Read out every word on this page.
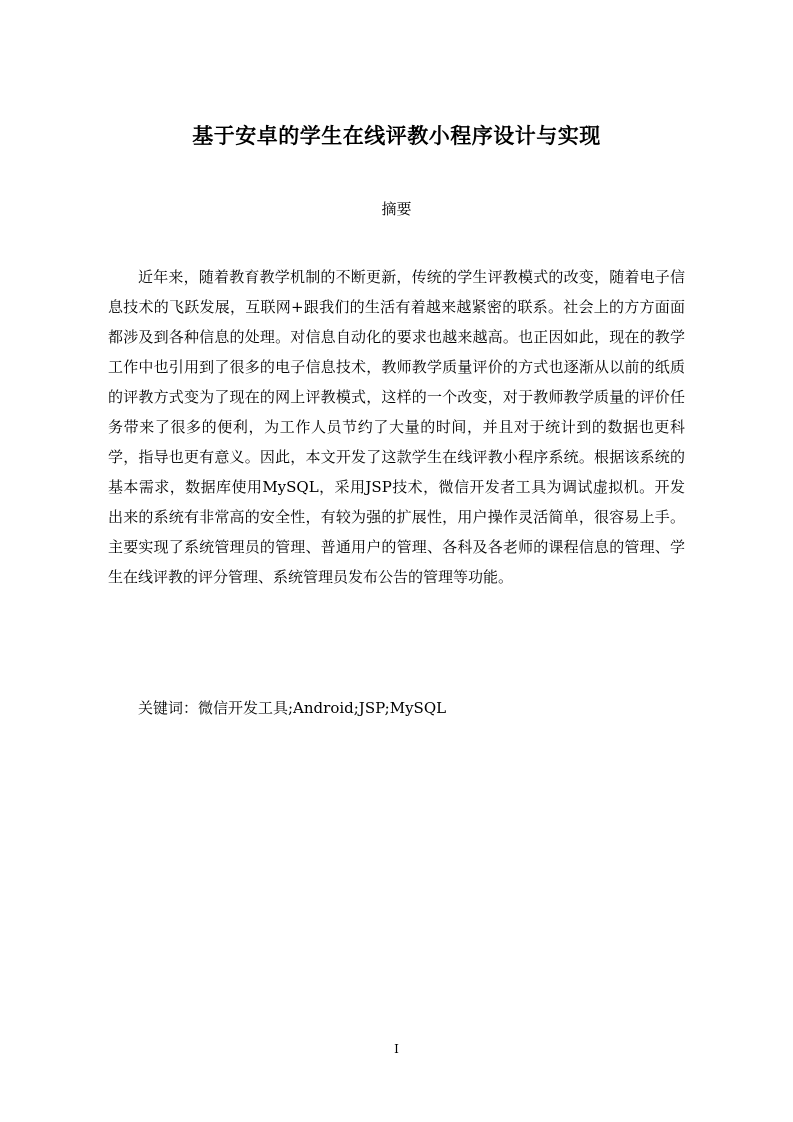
基于安卓的学生在线评教小程序设计与实现
摘要

近年来，随着教育教学机制的不断更新，传统的学生评教模式的改变，随着电子信息技术的飞跃发展，互联网+跟我们的生活有着越来越紧密的联系。社会上的方方面面都涉及到各种信息的处理。对信息自动化的要求也越来越高。也正因如此，现在的教学工作中也引用到了很多的电子信息技术，教师教学质量评价的方式也逐渐从以前的纸质的评教方式变为了现在的网上评教模式，这样的一个改变，对于教师教学质量的评价任务带来了很多的便利，为工作人员节约了大量的时间，并且对于统计到的数据也更科学，指导也更有意义。因此，本文开发了这款学生在线评教小程序系统。根据该系统的基本需求，数据库使用MySQL，采用JSP技术，微信开发者工具为调试虚拟机。开发出来的系统有非常高的安全性，有较为强的扩展性，用户操作灵活简单，很容易上手。主要实现了系统管理员的管理、普通用户的管理、各科及各老师的课程信息的管理、学生在线评教的评分管理、系统管理员发布公告的管理等功能。

关键词：微信开发工具;Android;JSP;MySQL
I
